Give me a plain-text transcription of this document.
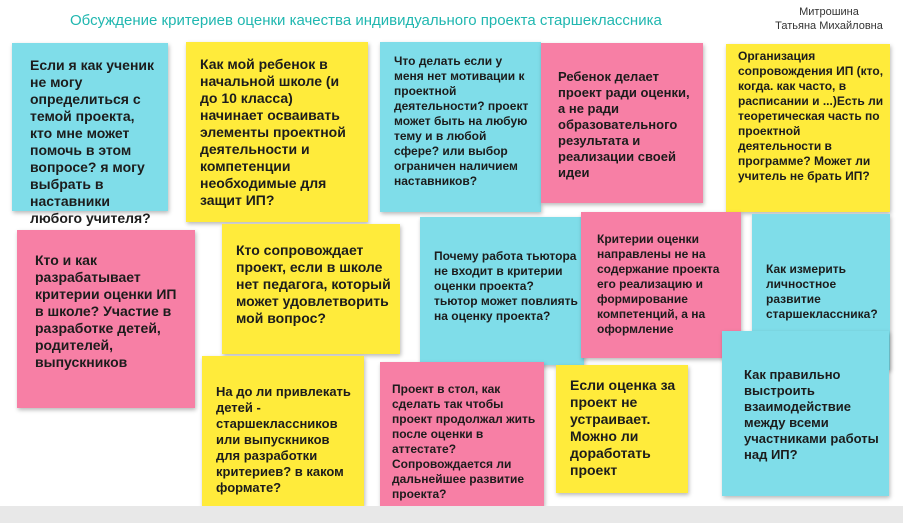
Обсуждение критериев оценки качества индивидуального проекта старшеклассника	Митрошина
Татьяна Михайловна

Если я как ученик не могу определиться с темой проекта, кто мне может помочь в этом вопросе? я могу выбрать в наставники любого учителя?

Как мой ребенок в начальной школе (и до 10 класса) начинает осваивать элементы проектной деятельности и компетенции необходимые для защит ИП?

Что делать если у меня нет мотивации к проектной деятельности? проект может быть на любую тему и в любой сфере? или выбор ограничен наличием наставников?

Ребенок делает проект ради оценки, а не ради образовательного результата и реализации своей идеи

Организация сопровождения ИП (кто, когда. как часто, в расписании и ...)Есть ли теоретическая часть по проектной деятельности в программе? Может ли учитель не брать ИП?

Кто и как разрабатывает критерии оценки ИП в школе? Участие в разработке детей, родителей, выпускников

Кто сопровождает проект, если в школе нет педагога, который может удовлетворить мой вопрос?

Почему работа тьютора не входит в критерии оценки проекта? тьютор может повлиять на оценку проекта?

Критерии оценки направлены не на содержание проекта его реализацию и формирование компетенций, а на оформление

Как измерить личностное развитие старшеклассника?

На до ли привлекать детей - старшеклассников или выпускников для разработки критериев? в каком формате?

Проект в стол, как сделать так чтобы проект продолжал жить после оценки в аттестате? Сопровождается ли дальнейшее развитие проекта?

Если оценка за проект не устраивает. Можно ли доработать проект

Как правильно выстроить взаимодействие между всеми участниками работы над ИП?
